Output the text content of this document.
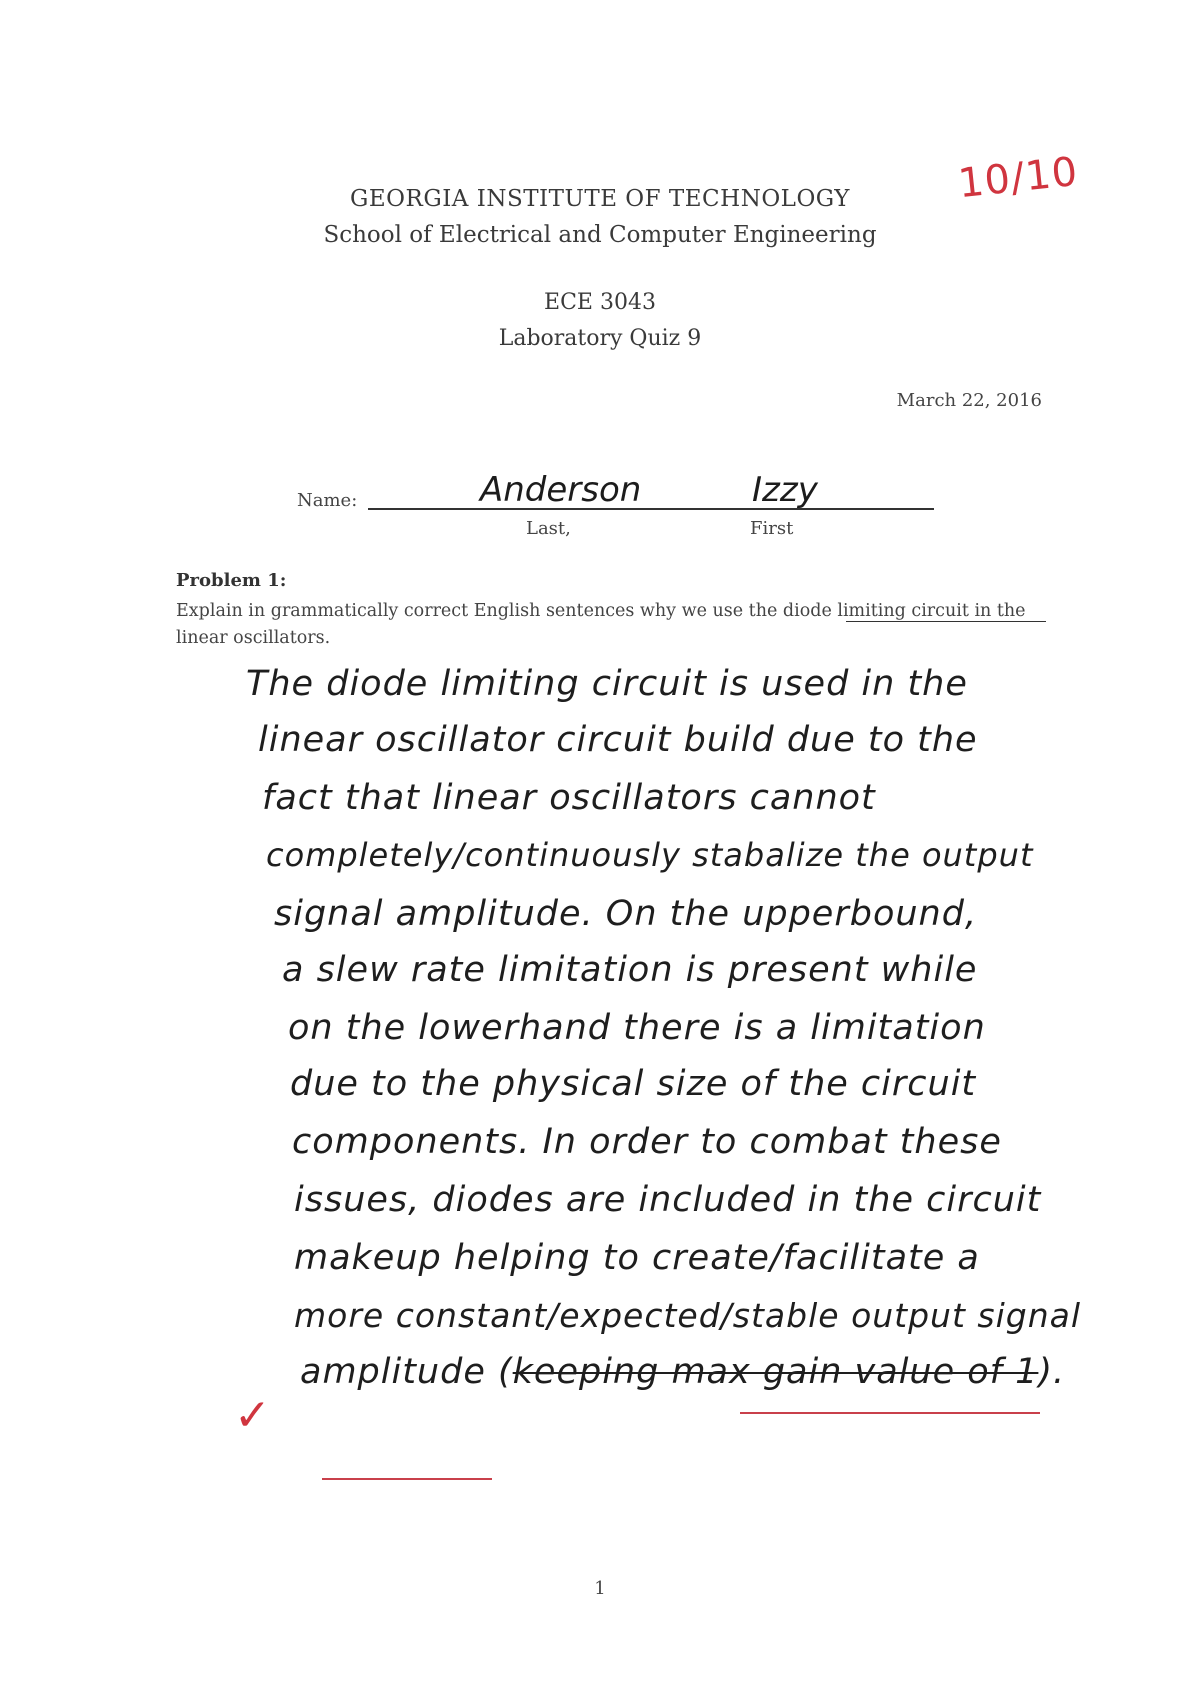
10/10
GEORGIA INSTITUTE OF TECHNOLOGY
School of Electrical and Computer Engineering
ECE 3043
Laboratory Quiz 9
March 22, 2016
Name:	Anderson	Izzy
Last,	First
Problem 1:
Explain in grammatically correct English sentences why we use the diode limiting circuit in the linear oscillators.
The diode limiting circuit is used in the
linear oscillator circuit build due to the
fact that linear oscillators cannot
completely/continuously stabalize the output
signal amplitude. On the upperbound,
a slew rate limitation is present while
on the lowerhand there is a limitation
due to the physical size of the circuit
components. In order to combat these
issues, diodes are included in the circuit
makeup helping to create/facilitate a
more constant/expected/stable output signal
amplitude (keeping max gain value of 1).
✓
1
